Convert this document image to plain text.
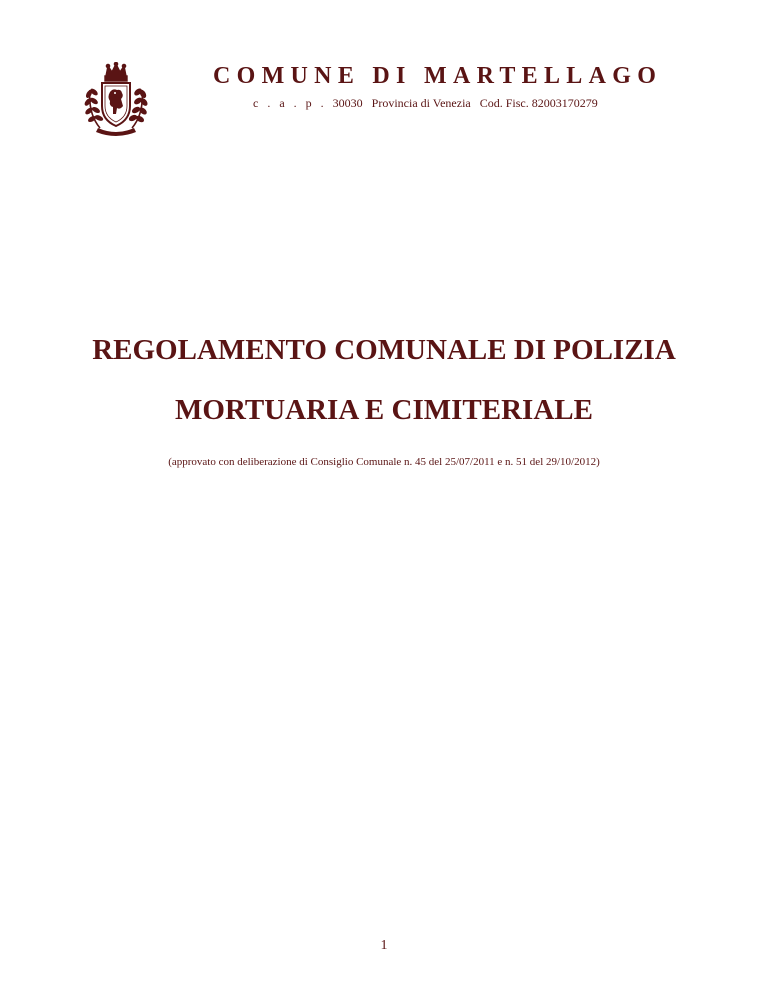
COMUNE DI MARTELLAGO
c . a . p . 30030   Provincia di Venezia   Cod. Fisc. 82003170279
REGOLAMENTO COMUNALE DI POLIZIA
MORTUARIA E CIMITERIALE
(approvato con deliberazione di Consiglio Comunale n. 45 del 25/07/2011 e n. 51 del 29/10/2012)
1
